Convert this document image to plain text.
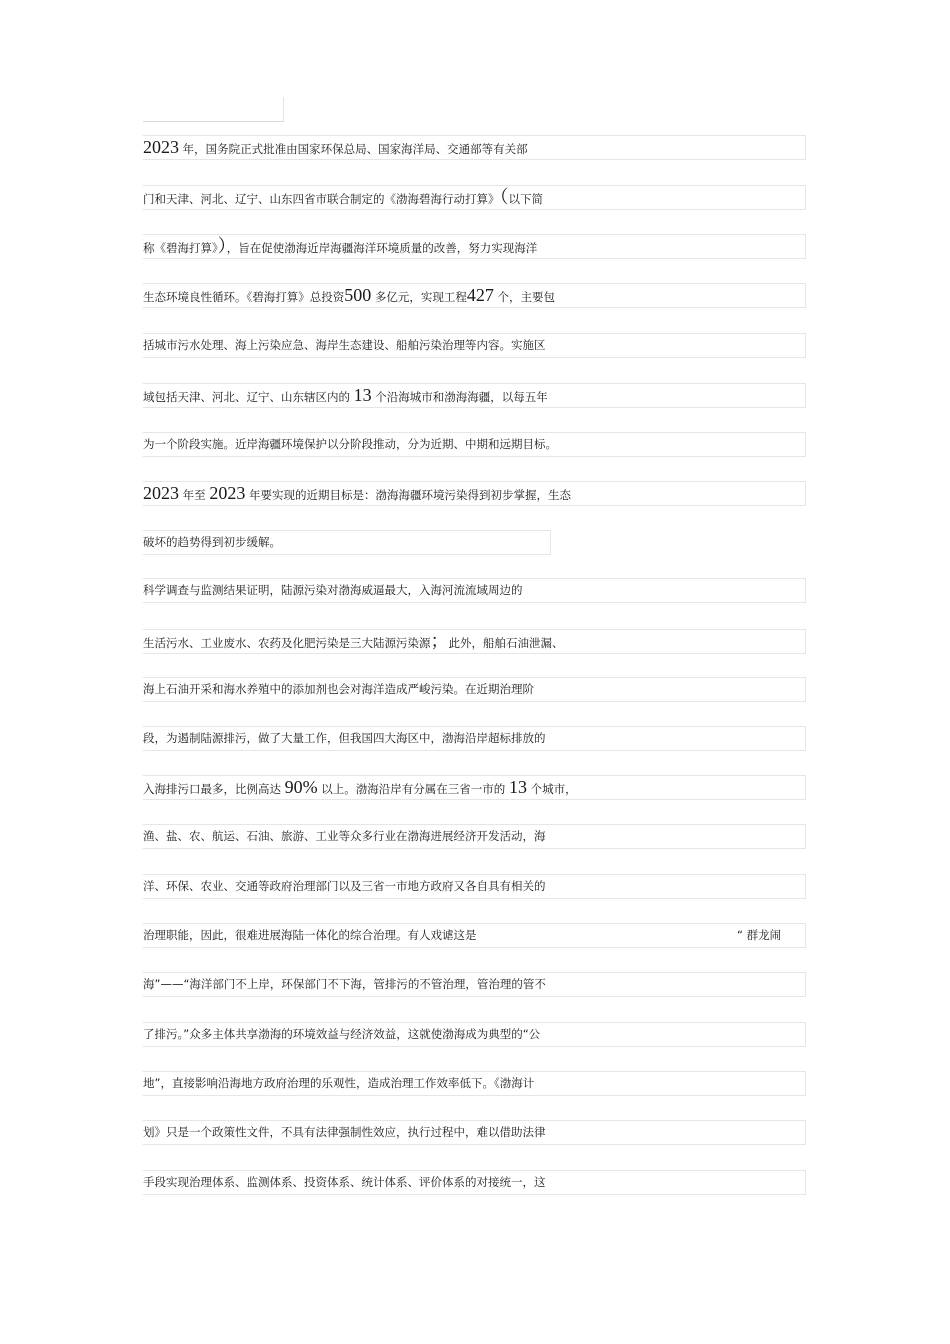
2023 年，国务院正式批准由国家环保总局、国家海洋局、交通部等有关部
门和天津、河北、辽宁、山东四省市联合制定的《渤海碧海行动打算》（以下简
称《碧海打算》），旨在促使渤海近岸海疆海洋环境质量的改善，努力实现海洋
生态环境良性循环。《碧海打算》总投资500 多亿元，实现工程427 个，主要包
括城市污水处理、海上污染应急、海岸生态建设、船舶污染治理等内容。实施区
域包括天津、河北、辽宁、山东辖区内的 13 个沿海城市和渤海海疆，以每五年
为一个阶段实施。近岸海疆环境保护以分阶段推动，分为近期、中期和远期目标。
2023 年至 2023 年要实现的近期目标是：渤海海疆环境污染得到初步掌握，生态
破坏的趋势得到初步缓解。
科学调查与监测结果证明，陆源污染对渤海威逼最大，入海河流流域周边的
生活污水、工业废水、农药及化肥污染是三大陆源污染源；此外，船舶石油泄漏、
海上石油开采和海水养殖中的添加剂也会对海洋造成严峻污染。在近期治理阶
段，为遏制陆源排污，做了大量工作，但我国四大海区中，渤海沿岸超标排放的
入海排污口最多，比例高达 90% 以上。渤海沿岸有分属在三省一市的 13 个城市，
渔、盐、农、航运、石油、旅游、工业等众多行业在渤海进展经济开发活动，海
洋、环保、农业、交通等政府治理部门以及三省一市地方政府又各自具有相关的
治理职能，因此，很难进展海陆一体化的综合治理。有人戏谑这是	“ 群龙闹
海”——“海洋部门不上岸，环保部门不下海，管排污的不管治理，管治理的管不
了排污。”众多主体共享渤海的环境效益与经济效益，这就使渤海成为典型的“公
地”，直接影响沿海地方政府治理的乐观性，造成治理工作效率低下。《渤海计
划》只是一个政策性文件，不具有法律强制性效应，执行过程中，难以借助法律
手段实现治理体系、监测体系、投资体系、统计体系、评价体系的对接统一，这
